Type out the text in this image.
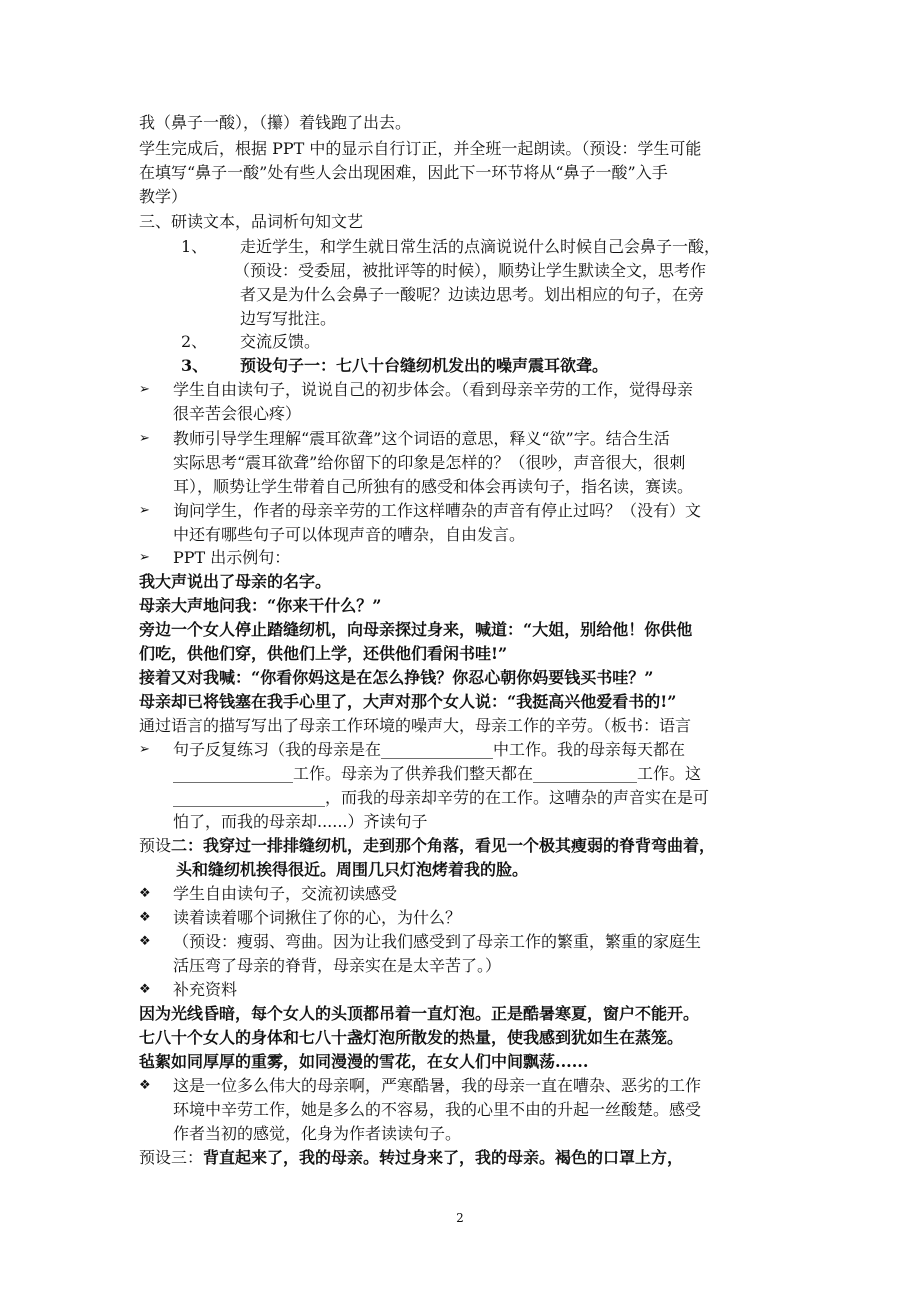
我（鼻子一酸），（攥）着钱跑了出去。
学生完成后，根据 PPT 中的显示自行订正，并全班一起朗读。（预设：学生可能
在填写“鼻子一酸”处有些人会出现困难，因此下一环节将从“鼻子一酸”入手
教学）
三、研读文本，品词析句知文艺
1、 走近学生，和学生就日常生活的点滴说说什么时候自己会鼻子一酸，
（预设：受委屈，被批评等的时候），顺势让学生默读全文，思考作
者又是为什么会鼻子一酸呢？边读边思考。划出相应的句子，在旁
边写写批注。
2、 交流反馈。
3、 预设句子一：七八十台缝纫机发出的噪声震耳欲聋。
➢ 学生自由读句子，说说自己的初步体会。（看到母亲辛劳的工作，觉得母亲
很辛苦会很心疼）
➢ 教师引导学生理解“震耳欲聋”这个词语的意思，释义“欲”字。结合生活
实际思考“震耳欲聋”给你留下的印象是怎样的？（很吵，声音很大，很刺
耳），顺势让学生带着自己所独有的感受和体会再读句子，指名读，赛读。
➢ 询问学生，作者的母亲辛劳的工作这样嘈杂的声音有停止过吗？（没有）文
中还有哪些句子可以体现声音的嘈杂，自由发言。
➢ PPT 出示例句：
我大声说出了母亲的名字。
母亲大声地问我：“你来干什么？”
旁边一个女人停止踏缝纫机，向母亲探过身来，喊道：“大姐，别给他！你供他
们吃，供他们穿，供他们上学，还供他们看闲书哇!”
接着又对我喊：“你看你妈这是在怎么挣钱？你忍心朝你妈要钱买书哇？”
母亲却已将钱塞在我手心里了，大声对那个女人说：“我挺高兴他爱看书的!”
通过语言的描写写出了母亲工作环境的噪声大，母亲工作的辛劳。（板书：语言
➢ 句子反复练习（我的母亲是在______________中工作。我的母亲每天都在
_______________工作。母亲为了供养我们整天都在_____________工作。这
___________________，而我的母亲却辛劳的在工作。这嘈杂的声音实在是可
怕了，而我的母亲却......）齐读句子
预设二：我穿过一排排缝纫机，走到那个角落，看见一个极其瘦弱的脊背弯曲着，
头和缝纫机挨得很近。周围几只灯泡烤着我的脸。
❖ 学生自由读句子，交流初读感受
❖ 读着读着哪个词揪住了你的心，为什么？
❖ （预设：瘦弱、弯曲。因为让我们感受到了母亲工作的繁重，繁重的家庭生
活压弯了母亲的脊背，母亲实在是太辛苦了。）
❖ 补充资料
因为光线昏暗，每个女人的头顶都吊着一直灯泡。正是酷暑寒夏，窗户不能开。
七八十个女人的身体和七八十盏灯泡所散发的热量，使我感到犹如生在蒸笼。
毡絮如同厚厚的重雾，如同漫漫的雪花，在女人们中间飘荡......
❖ 这是一位多么伟大的母亲啊，严寒酷暑，我的母亲一直在嘈杂、恶劣的工作
环境中辛劳工作，她是多么的不容易，我的心里不由的升起一丝酸楚。感受
作者当初的感觉，化身为作者读读句子。
预设三：背直起来了，我的母亲。转过身来了，我的母亲。褐色的口罩上方，
2
